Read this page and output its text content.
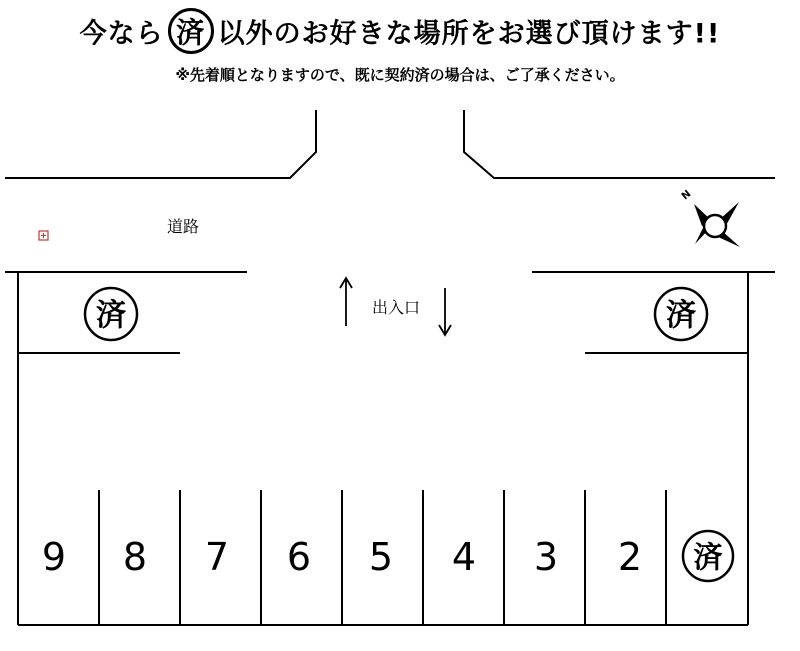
今なら 済 以外のお好きな場所をお選び頂けます!!
※先着順となりますので、既に契約済の場合は、ご了承ください。
道路
出入口
N
済	済
9 8 7 6 5 4 3 2 済
